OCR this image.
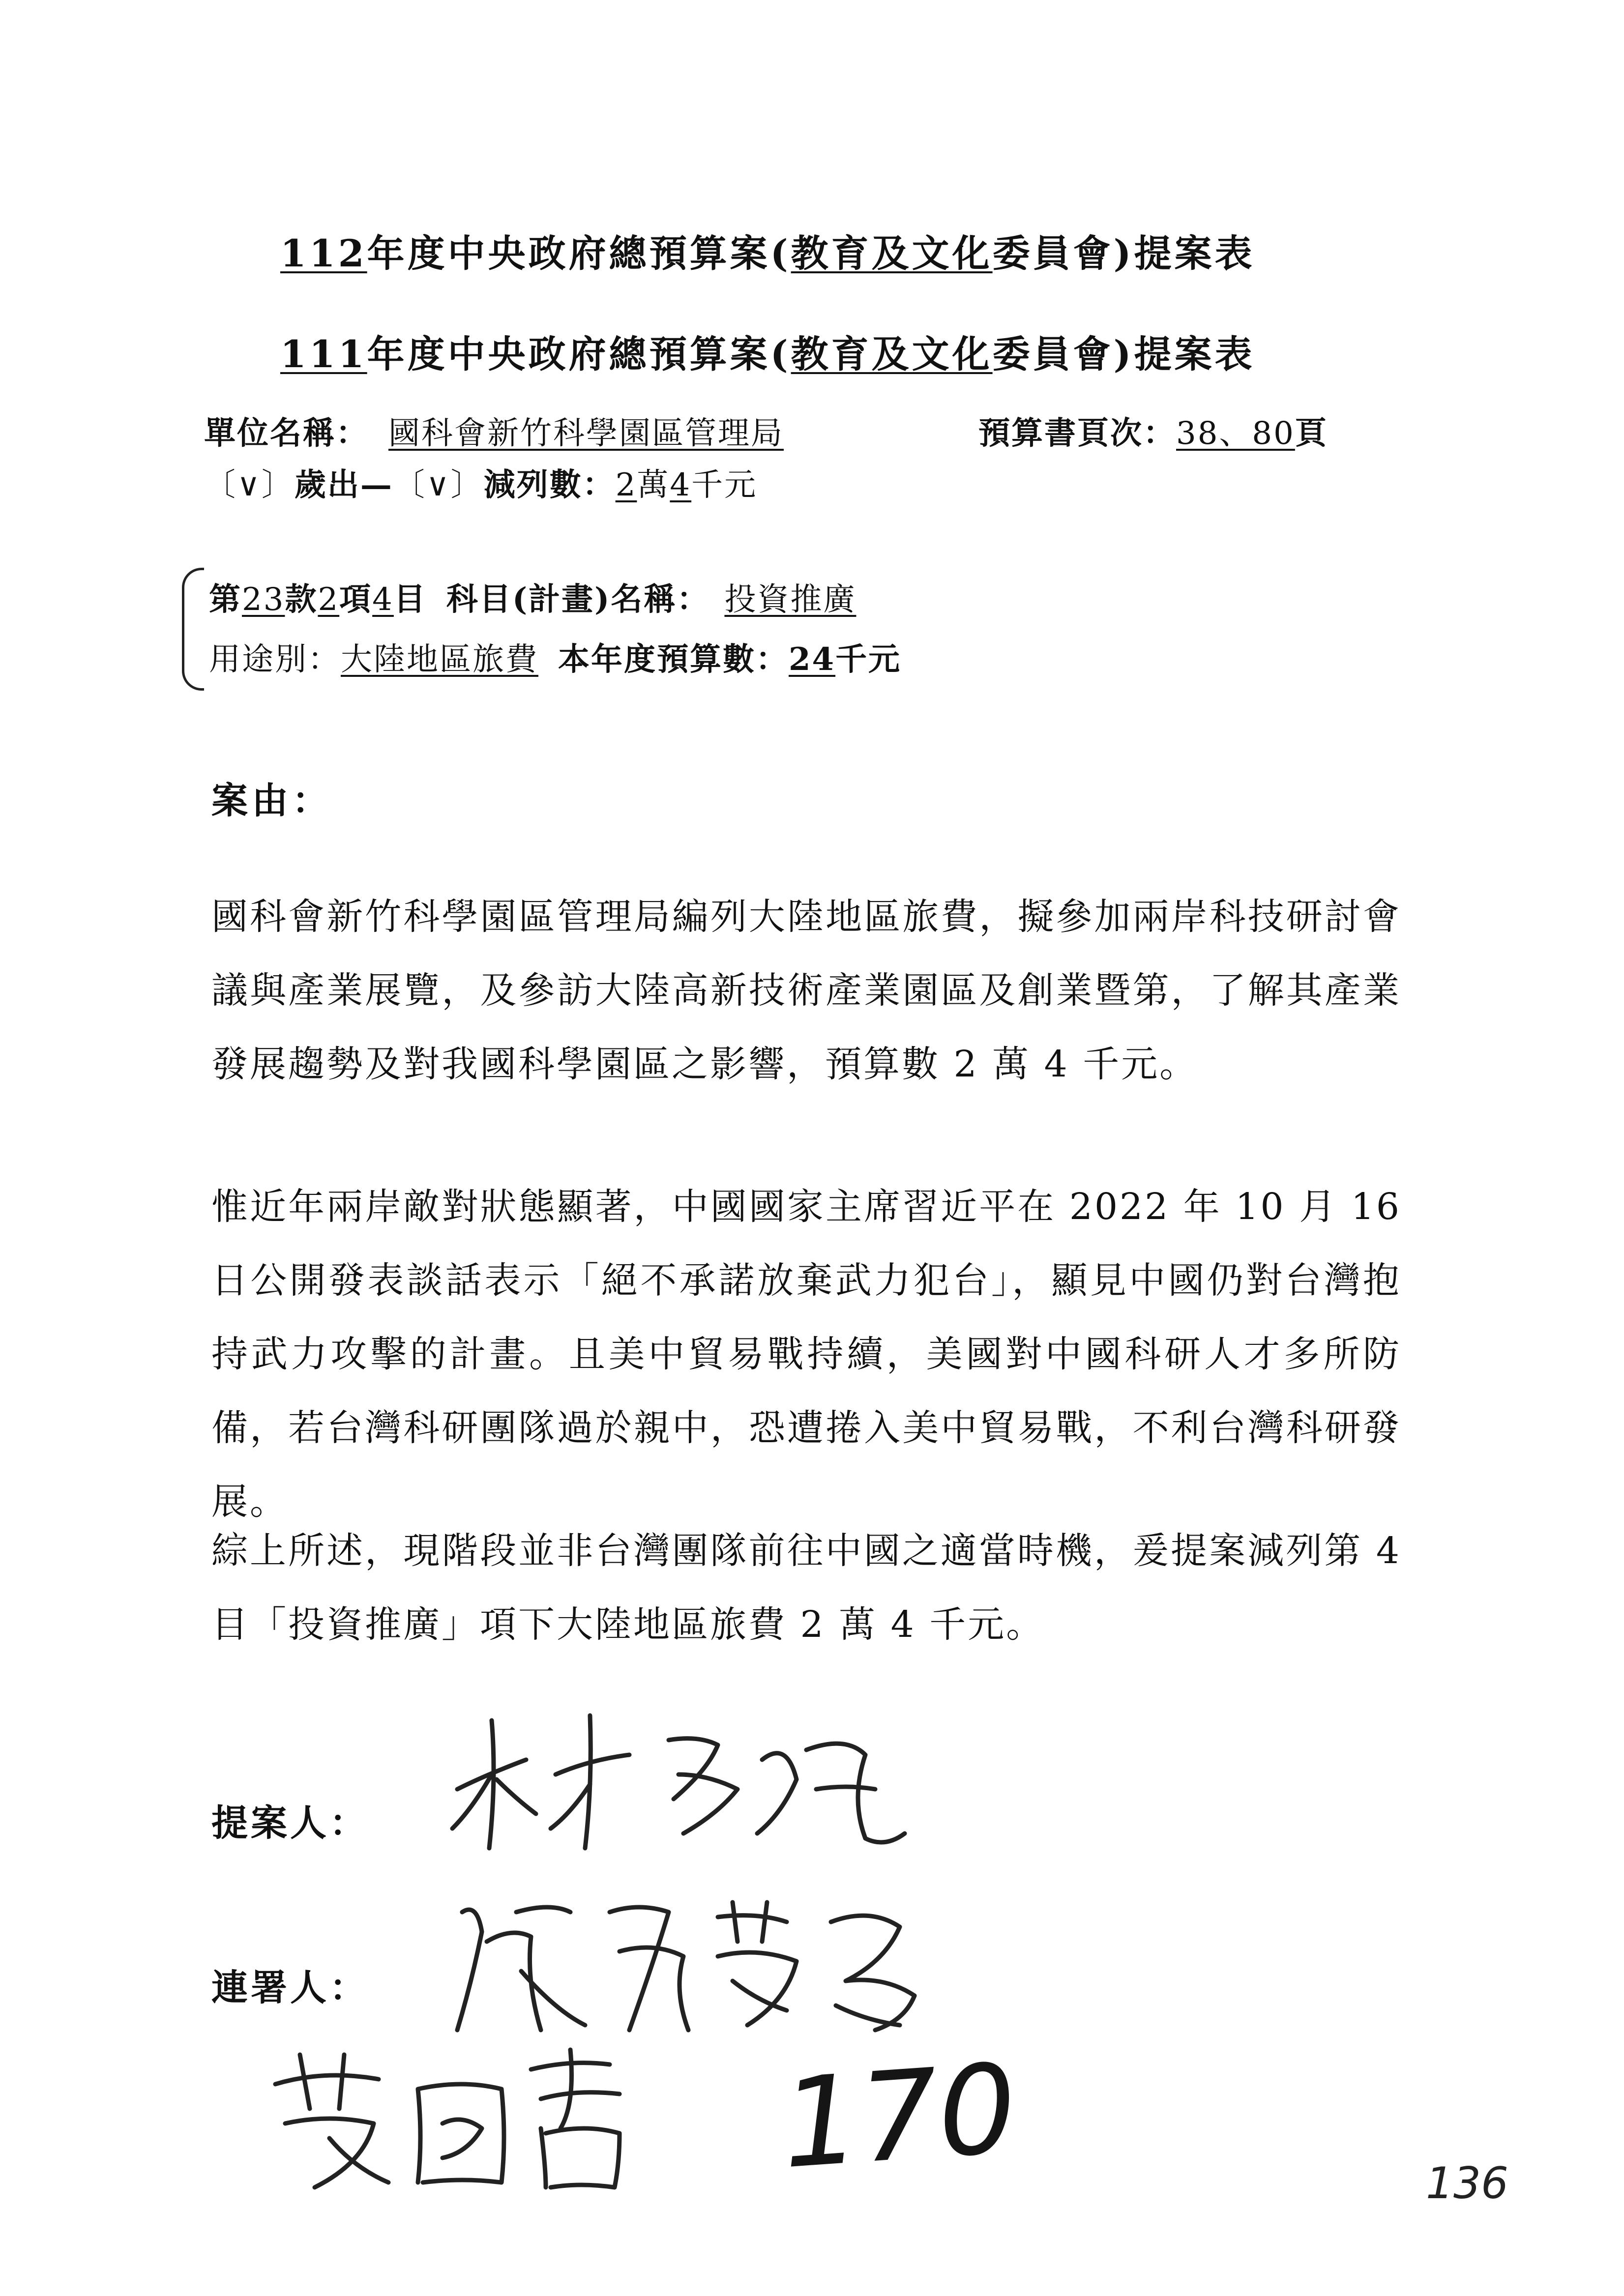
112年度中央政府總預算案(教育及文化委員會)提案表
111年度中央政府總預算案(教育及文化委員會)提案表
單位名稱： 國科會新竹科學園區管理局	預算書頁次：38、80頁
〔∨〕歲出—〔∨〕減列數：2萬4千元
第23款2項4目 科目(計畫)名稱： 投資推廣
用途別：大陸地區旅費 本年度預算數：24千元
案由：

國科會新竹科學園區管理局編列大陸地區旅費，擬參加兩岸科技研討會議與產業展覽，及參訪大陸高新技術產業園區及創業暨第，了解其產業發展趨勢及對我國科學園區之影響，預算數 2 萬 4 千元。

惟近年兩岸敵對狀態顯著，中國國家主席習近平在 2022 年 10 月 16 日公開發表談話表示「絕不承諾放棄武力犯台」，顯見中國仍對台灣抱持武力攻擊的計畫。且美中貿易戰持續，美國對中國科研人才多所防備，若台灣科研團隊過於親中，恐遭捲入美中貿易戰，不利台灣科研發展。

綜上所述，現階段並非台灣團隊前往中國之適當時機，爰提案減列第 4 目「投資推廣」項下大陸地區旅費 2 萬 4 千元。

提案人：
連署人：
170	136
